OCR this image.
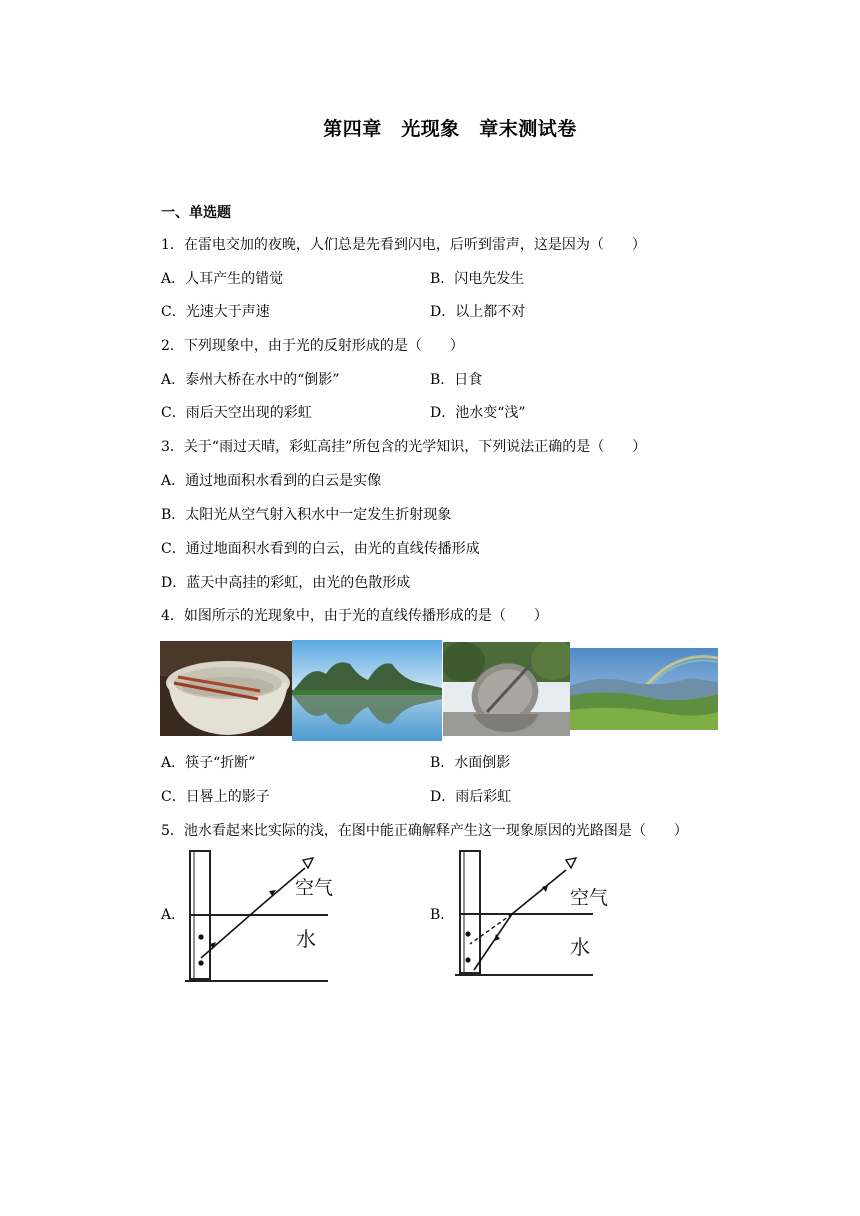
第四章　光现象　章末测试卷
一、单选题
1．在雷电交加的夜晚，人们总是先看到闪电，后听到雷声，这是因为（　　）
A．人耳产生的错觉	B．闪电先发生
C．光速大于声速	D．以上都不对
2．下列现象中，由于光的反射形成的是（　　）
A．泰州大桥在水中的“倒影”	B．日食
C．雨后天空出现的彩虹	D．池水变“浅”
3．关于“雨过天晴，彩虹高挂”所包含的光学知识，下列说法正确的是（　　）
A．通过地面积水看到的白云是实像
B．太阳光从空气射入积水中一定发生折射现象
C．通过地面积水看到的白云，由光的直线传播形成
D．蓝天中高挂的彩虹，由光的色散形成
4．如图所示的光现象中，由于光的直线传播形成的是（　　）
A．筷子“折断”	B．水面倒影
C．日晷上的影子	D．雨后彩虹
5．池水看起来比实际的浅，在图中能正确解释产生这一现象原因的光路图是（　　）
A．	B．
空气
水
空气
水
